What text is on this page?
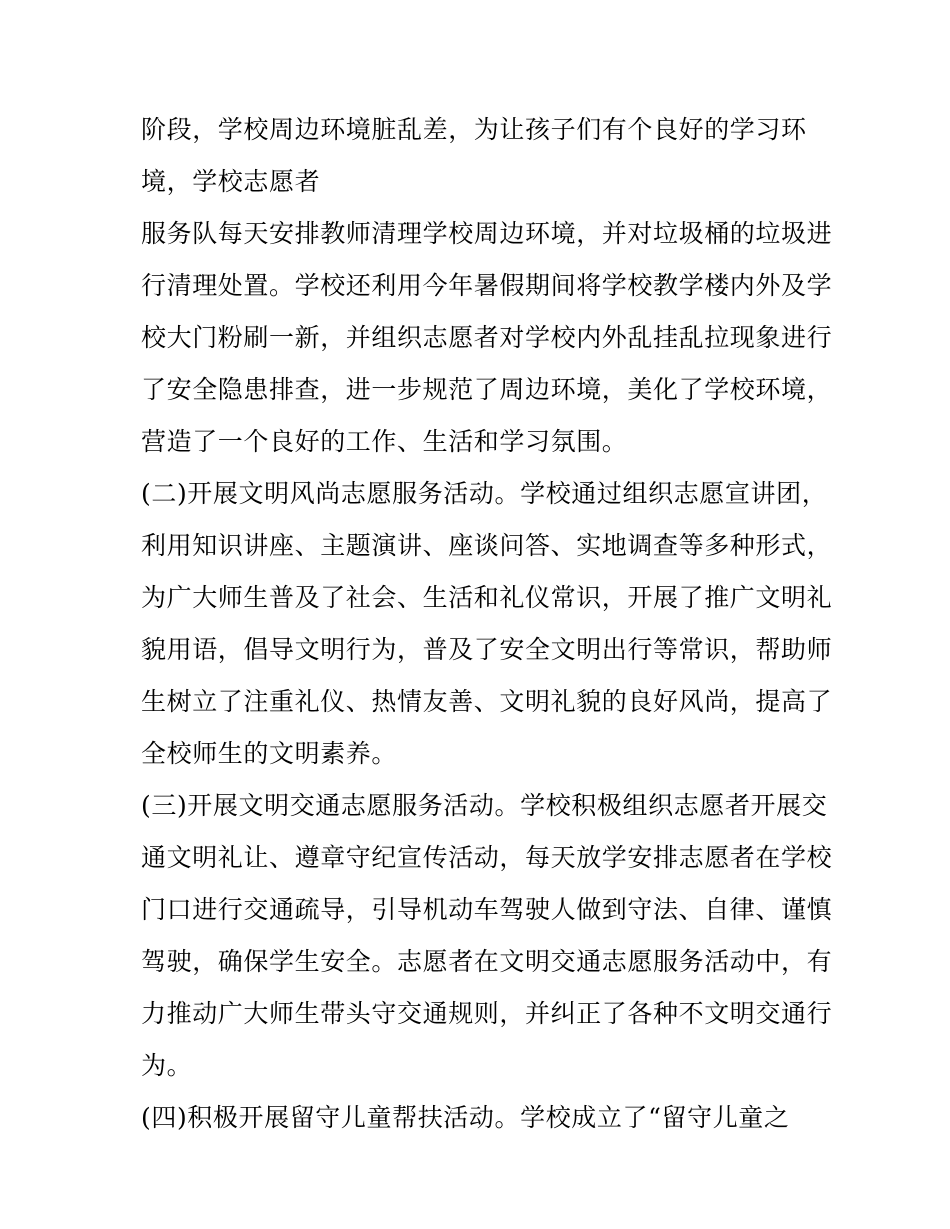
阶段，学校周边环境脏乱差，为让孩子们有个良好的学习环
境，学校志愿者
服务队每天安排教师清理学校周边环境，并对垃圾桶的垃圾进
行清理处置。学校还利用今年暑假期间将学校教学楼内外及学
校大门粉刷一新，并组织志愿者对学校内外乱挂乱拉现象进行
了安全隐患排查，进一步规范了周边环境，美化了学校环境，
营造了一个良好的工作、生活和学习氛围。
(二)开展文明风尚志愿服务活动。学校通过组织志愿宣讲团，
利用知识讲座、主题演讲、座谈问答、实地调查等多种形式，
为广大师生普及了社会、生活和礼仪常识，开展了推广文明礼
貌用语，倡导文明行为，普及了安全文明出行等常识，帮助师
生树立了注重礼仪、热情友善、文明礼貌的良好风尚，提高了
全校师生的文明素养。
(三)开展文明交通志愿服务活动。学校积极组织志愿者开展交
通文明礼让、遵章守纪宣传活动，每天放学安排志愿者在学校
门口进行交通疏导，引导机动车驾驶人做到守法、自律、谨慎
驾驶，确保学生安全。志愿者在文明交通志愿服务活动中，有
力推动广大师生带头守交通规则，并纠正了各种不文明交通行
为。
(四)积极开展留守儿童帮扶活动。学校成立了“留守儿童之
